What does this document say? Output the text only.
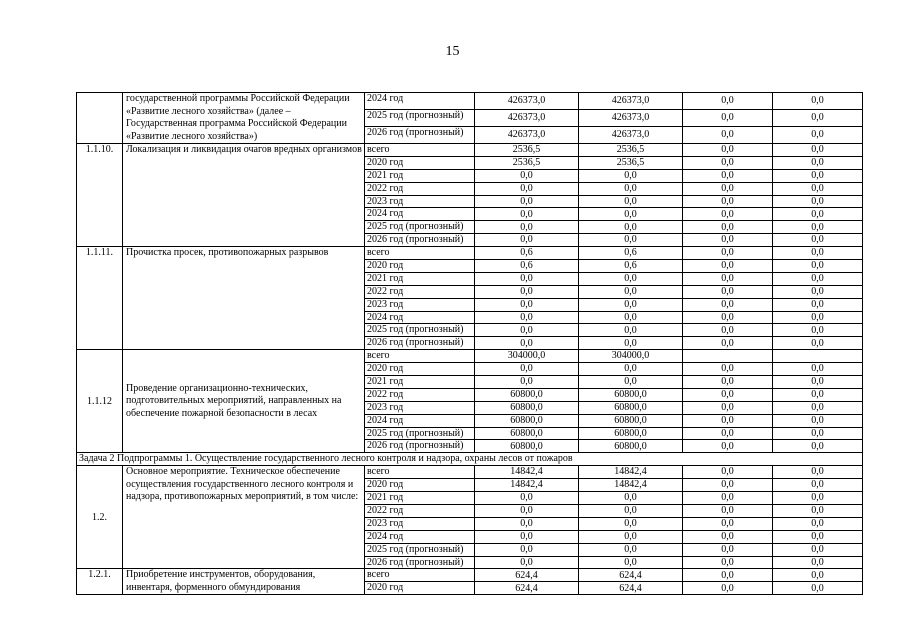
15
	государственной программы Российской Федерации «Развитие лесного хозяйства» (далее – Государственная программа Российской Федерации «Развитие лесного хозяйства»)	2024 год	426373,0	426373,0	0,0	0,0
		2025 год (прогнозный)	426373,0	426373,0	0,0	0,0
		2026 год (прогнозный)	426373,0	426373,0	0,0	0,0
1.1.10.	Локализация и ликвидация очагов вредных организмов	всего	2536,5	2536,5	0,0	0,0
		2020 год	2536,5	2536,5	0,0	0,0
		2021 год	0,0	0,0	0,0	0,0
		2022 год	0,0	0,0	0,0	0,0
		2023 год	0,0	0,0	0,0	0,0
		2024 год	0,0	0,0	0,0	0,0
		2025 год (прогнозный)	0,0	0,0	0,0	0,0
		2026 год (прогнозный)	0,0	0,0	0,0	0,0
1.1.11.	Прочистка просек, противопожарных разрывов	всего	0,6	0,6	0,0	0,0
		2020 год	0,6	0,6	0,0	0,0
		2021 год	0,0	0,0	0,0	0,0
		2022 год	0,0	0,0	0,0	0,0
		2023 год	0,0	0,0	0,0	0,0
		2024 год	0,0	0,0	0,0	0,0
		2025 год (прогнозный)	0,0	0,0	0,0	0,0
		2026 год (прогнозный)	0,0	0,0	0,0	0,0
1.1.12	Проведение организационно-технических, подготовительных мероприятий, направленных на обеспечение пожарной безопасности в лесах	всего	304000,0	304000,0		
		2020 год	0,0	0,0	0,0	0,0
		2021 год	0,0	0,0	0,0	0,0
		2022 год	60800,0	60800,0	0,0	0,0
		2023 год	60800,0	60800,0	0,0	0,0
		2024 год	60800,0	60800,0	0,0	0,0
		2025 год (прогнозный)	60800,0	60800,0	0,0	0,0
		2026 год (прогнозный)	60800,0	60800,0	0,0	0,0
Задача 2 Подпрограммы 1. Осуществление государственного лесного контроля и надзора, охраны лесов от пожаров						
1.2.	Основное мероприятие. Техническое обеспечение осуществления государственного лесного контроля и надзора, противопожарных мероприятий, в том числе:	всего	14842,4	14842,4	0,0	0,0
		2020 год	14842,4	14842,4	0,0	0,0
		2021 год	0,0	0,0	0,0	0,0
		2022 год	0,0	0,0	0,0	0,0
		2023 год	0,0	0,0	0,0	0,0
		2024 год	0,0	0,0	0,0	0,0
		2025 год (прогнозный)	0,0	0,0	0,0	0,0
		2026 год (прогнозный)	0,0	0,0	0,0	0,0
1.2.1.	Приобретение инструментов, оборудования, инвентаря, форменного обмундирования	всего	624,4	624,4	0,0	0,0
		2020 год	624,4	624,4	0,0	0,0
